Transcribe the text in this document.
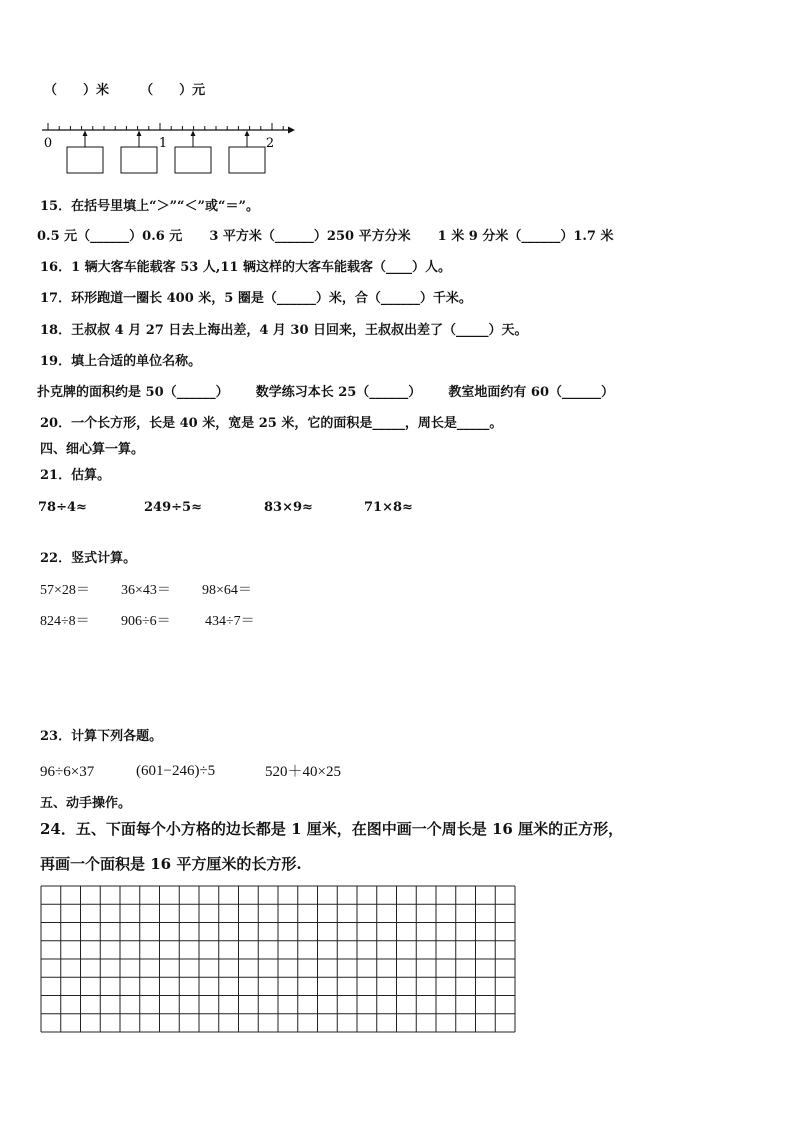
（　　）米 （　　）元
0	1	2
15．在括号里填上“＞”“＜”或“＝”。
0.5 元（______）0.6 元 3 平方米（______）250 平方分米 1 米 9 分米（______）1.7 米
16．1 辆大客车能载客 53 人,11 辆这样的大客车能载客（____）人。
17．环形跑道一圈长 400 米，5 圈是（______）米，合（______）千米。
18．王叔叔 4 月 27 日去上海出差，4 月 30 日回来，王叔叔出差了（_____）天。
19．填上合适的单位名称。
扑克牌的面积约是 50（______） 数学练习本长 25（______） 教室地面约有 60（______）
20．一个长方形，长是 40 米，宽是 25 米，它的面积是_____，周长是_____。
四、细心算一算。
21．估算。
78÷4≈	249÷5≈	83×9≈	71×8≈
22．竖式计算。
57×28＝ 36×43＝ 98×64＝
824÷8＝ 906÷6＝ 434÷7＝
23．计算下列各题。
96÷6×37	(601−246)÷5	520＋40×25
五、动手操作。
24．五、下面每个小方格的边长都是 1 厘米，在图中画一个周长是 16 厘米的正方形，
再画一个面积是 16 平方厘米的长方形.
